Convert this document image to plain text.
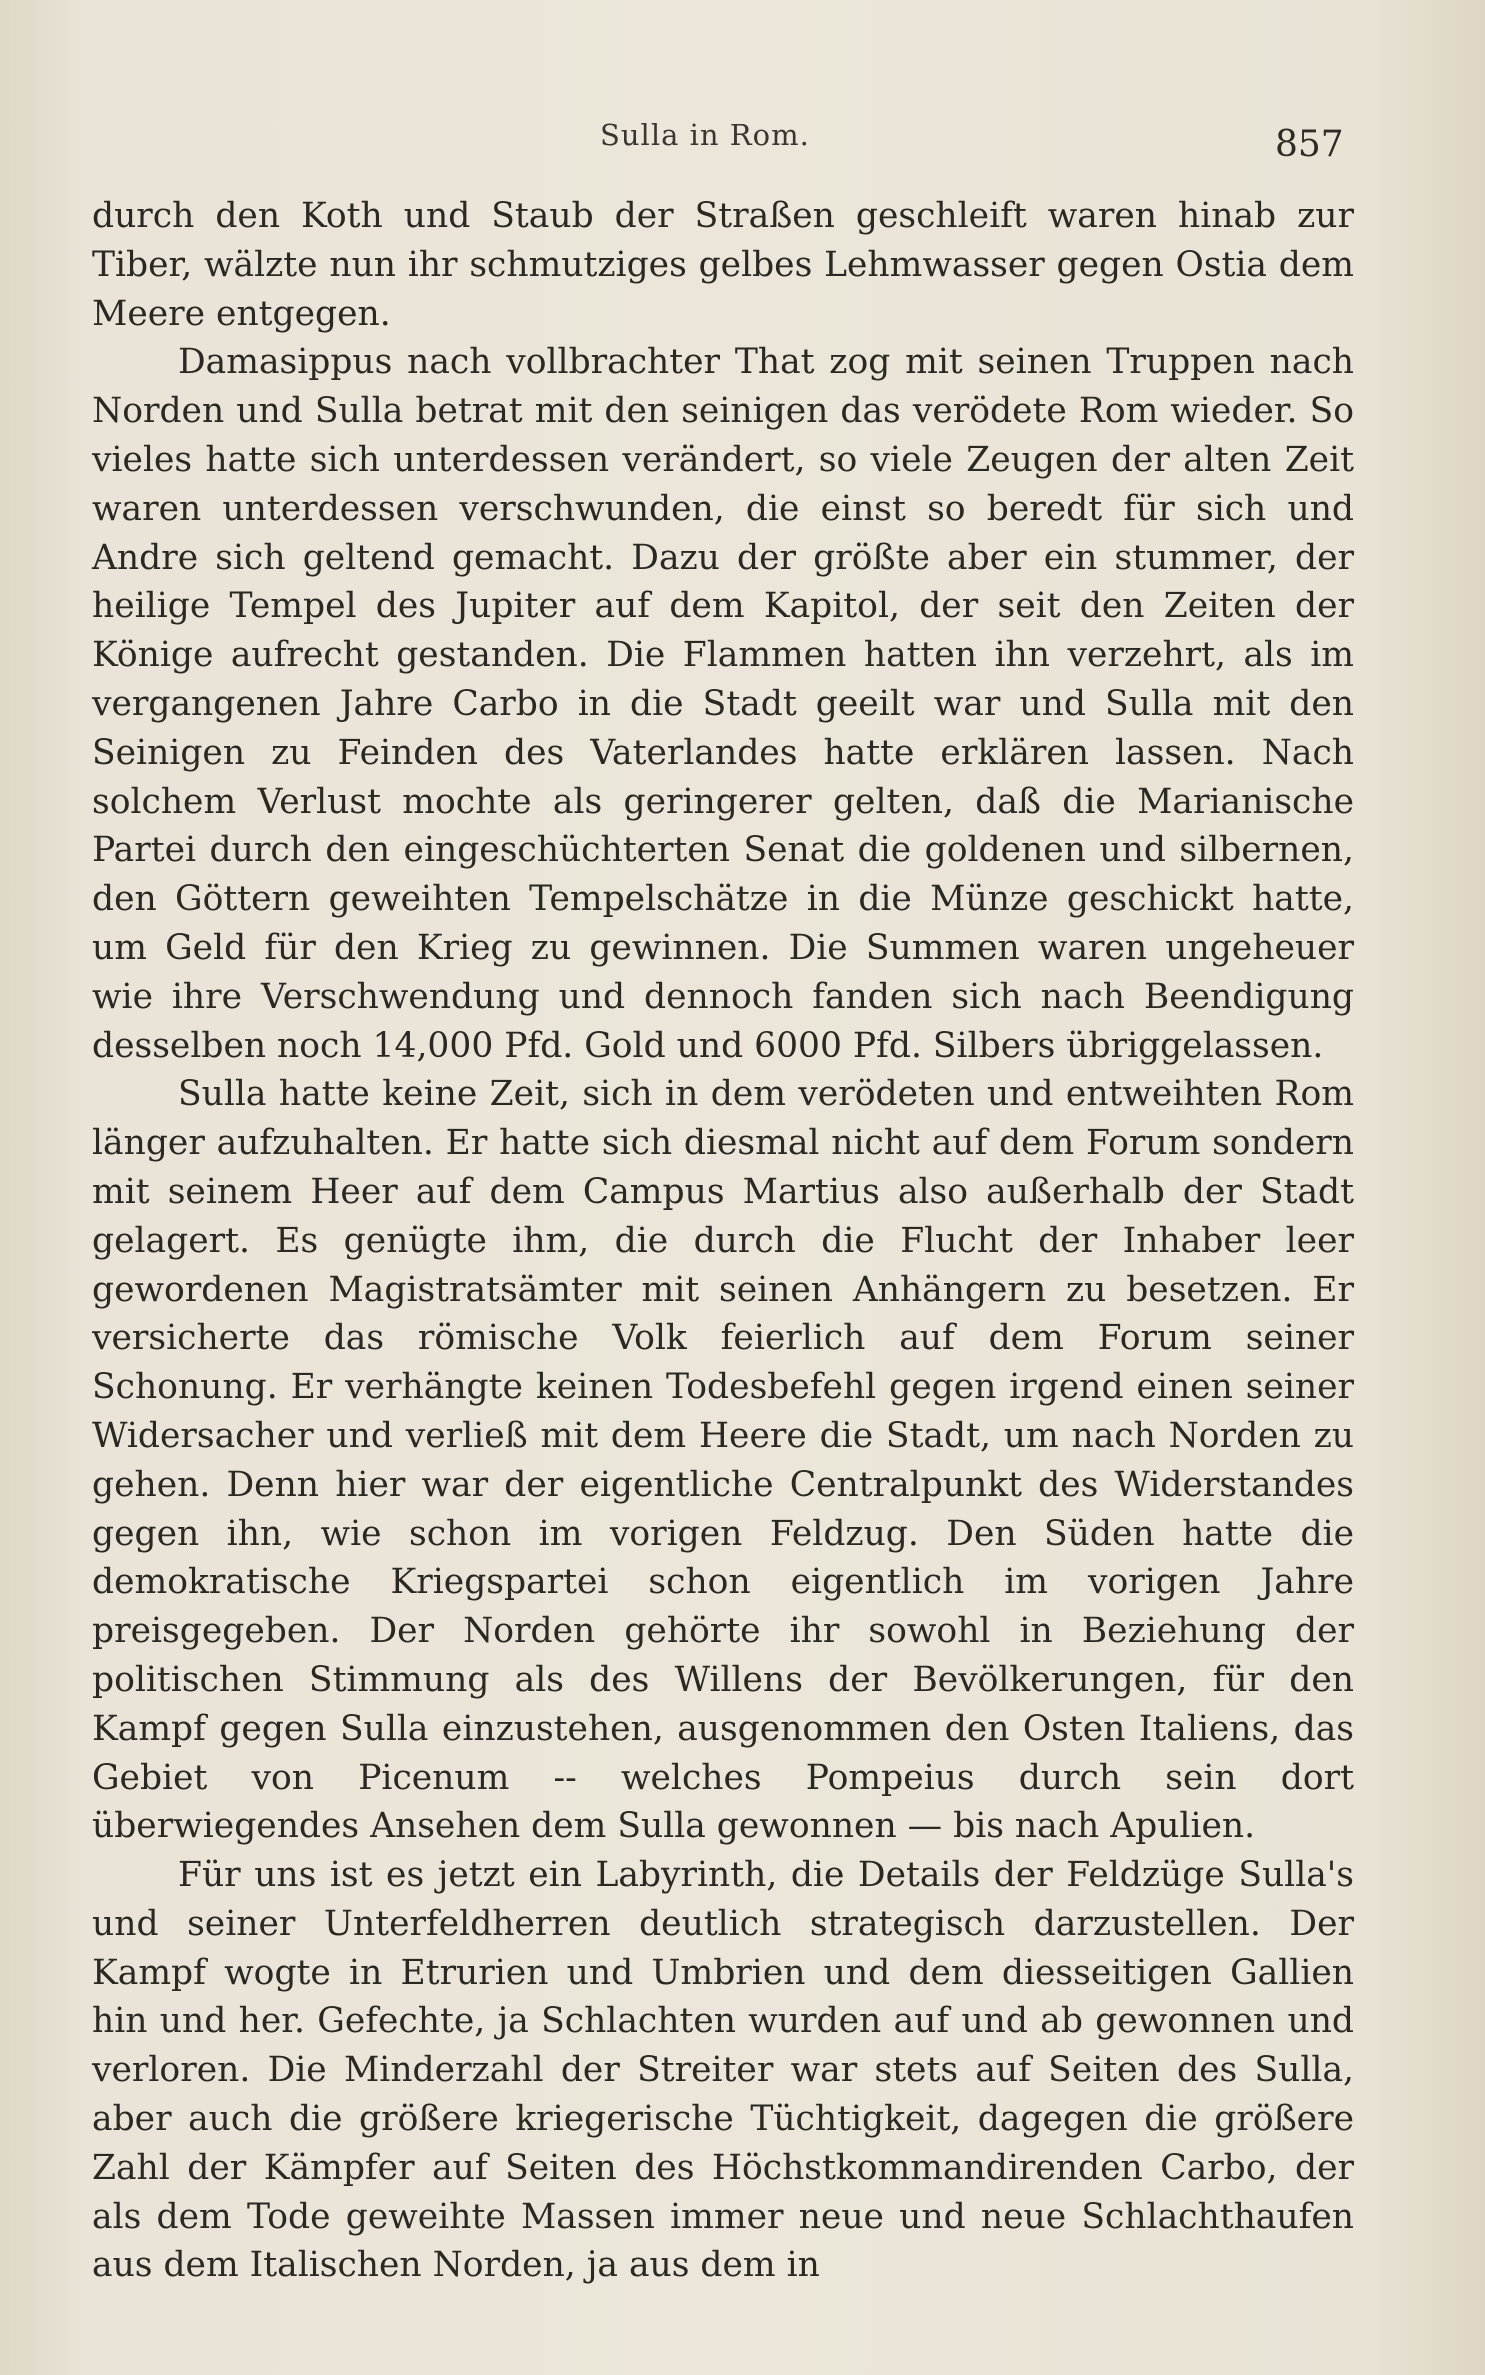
Sulla in Rom.	857

durch den Koth und Staub der Straßen geschleift waren hinab zur Tiber, wälzte nun ihr schmutziges gelbes Lehmwasser gegen Ostia dem Meere entgegen.

Damasippus nach vollbrachter That zog mit seinen Truppen nach Norden und Sulla betrat mit den seinigen das verödete Rom wieder. So vieles hatte sich unterdessen verändert, so viele Zeugen der alten Zeit waren unterdessen verschwunden, die einst so beredt für sich und Andre sich geltend gemacht. Dazu der größte aber ein stummer, der heilige Tempel des Jupiter auf dem Kapitol, der seit den Zeiten der Könige aufrecht gestanden. Die Flammen hatten ihn verzehrt, als im vergangenen Jahre Carbo in die Stadt geeilt war und Sulla mit den Seinigen zu Feinden des Vaterlandes hatte erklären lassen. Nach solchem Verlust mochte als geringerer gelten, daß die Marianische Partei durch den eingeschüchterten Senat die goldenen und silbernen, den Göttern geweihten Tempelschätze in die Münze geschickt hatte, um Geld für den Krieg zu gewinnen. Die Summen waren ungeheuer wie ihre Verschwendung und dennoch fanden sich nach Beendigung desselben noch 14,000 Pfd. Gold und 6000 Pfd. Silbers übriggelassen.

Sulla hatte keine Zeit, sich in dem verödeten und entweihten Rom länger aufzuhalten. Er hatte sich diesmal nicht auf dem Forum sondern mit seinem Heer auf dem Campus Martius also außerhalb der Stadt gelagert. Es genügte ihm, die durch die Flucht der Inhaber leer gewordenen Magistratsämter mit seinen Anhängern zu besetzen. Er versicherte das römische Volk feierlich auf dem Forum seiner Schonung. Er verhängte keinen Todesbefehl gegen irgend einen seiner Widersacher und verließ mit dem Heere die Stadt, um nach Norden zu gehen. Denn hier war der eigentliche Centralpunkt des Widerstandes gegen ihn, wie schon im vorigen Feldzug. Den Süden hatte die demokratische Kriegspartei schon eigentlich im vorigen Jahre preisgegeben. Der Norden gehörte ihr sowohl in Beziehung der politischen Stimmung als des Willens der Bevölkerungen, für den Kampf gegen Sulla einzustehen, ausgenommen den Osten Italiens, das Gebiet von Picenum -- welches Pompeius durch sein dort überwiegendes Ansehen dem Sulla gewonnen — bis nach Apulien.

Für uns ist es jetzt ein Labyrinth, die Details der Feldzüge Sulla's und seiner Unterfeldherren deutlich strategisch darzustellen. Der Kampf wogte in Etrurien und Umbrien und dem diesseitigen Gallien hin und her. Gefechte, ja Schlachten wurden auf und ab gewonnen und verloren. Die Minderzahl der Streiter war stets auf Seiten des Sulla, aber auch die größere kriegerische Tüchtigkeit, dagegen die größere Zahl der Kämpfer auf Seiten des Höchstkommandirenden Carbo, der als dem Tode geweihte Massen immer neue und neue Schlachthaufen aus dem Italischen Norden, ja aus dem in
